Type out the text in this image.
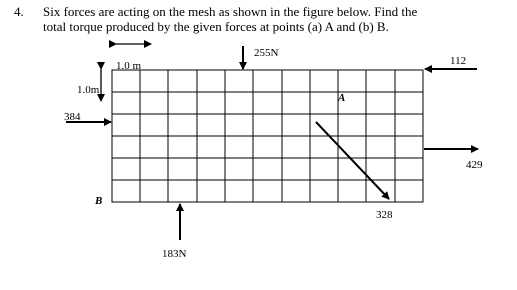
4. Six forces are acting on the mesh as shown in the figure below. Find the
total torque produced by the given forces at points (a) A and (b) B.
1.0 m
1.0m
255N
112
384
429
328
183N
A
B
